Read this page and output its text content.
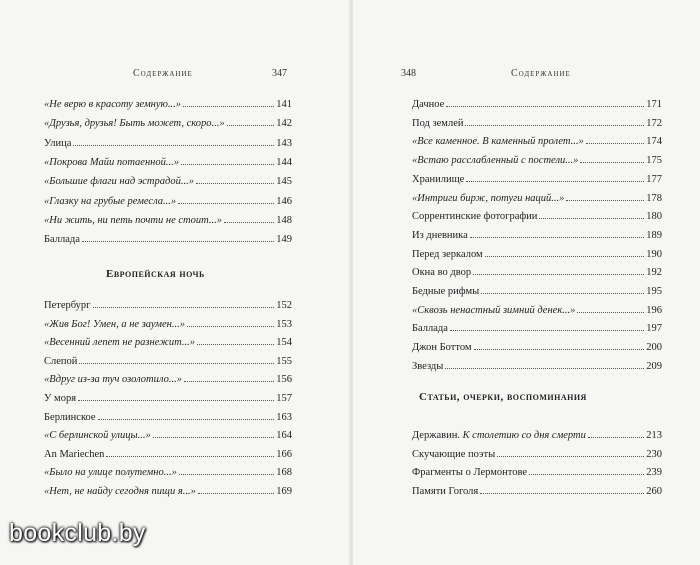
Содержание	347
«Не верю в красоту земную...»	141
«Друзья, друзья! Быть может, скоро...»	142
Улица	143
«Покрова Майи потаенной...»	144
«Большие флаги над эстрадой...»	145
«Глазку на грубые ремесла...»	146
«Ни жить, ни петь почти не стоит...»	148
Баллада	149
Европейская ночь
Петербург	152
«Жив Бог! Умен, а не заумен...»	153
«Весенний лепет не разнежит...»	154
Слепой	155
«Вдруг из-за туч озолотило...»	156
У моря	157
Берлинское	163
«С берлинской улицы...»	164
An Mariechen	166
«Было на улице полутемно...»	168
«Нет, не найду сегодня пищи я...»	169
348	Содержание
Дачное	171
Под землей	172
«Все каменное. В каменный пролет...»	174
«Встаю расслабленный с постели...»	175
Хранилище	177
«Интриги бирж, потуги наций...»	178
Соррентинские фотографии	180
Из дневника	189
Перед зеркалом	190
Окна во двор	192
Бедные рифмы	195
«Сквозь ненастный зимний денек...»	196
Баллада	197
Джон Боттом	200
Звезды	209
Статьи, очерки, воспоминания
Державин. К столетию со дня смерти	213
Скучающие поэты	230
Фрагменты о Лермонтове	239
Памяти Гоголя	260
bookclub.by
